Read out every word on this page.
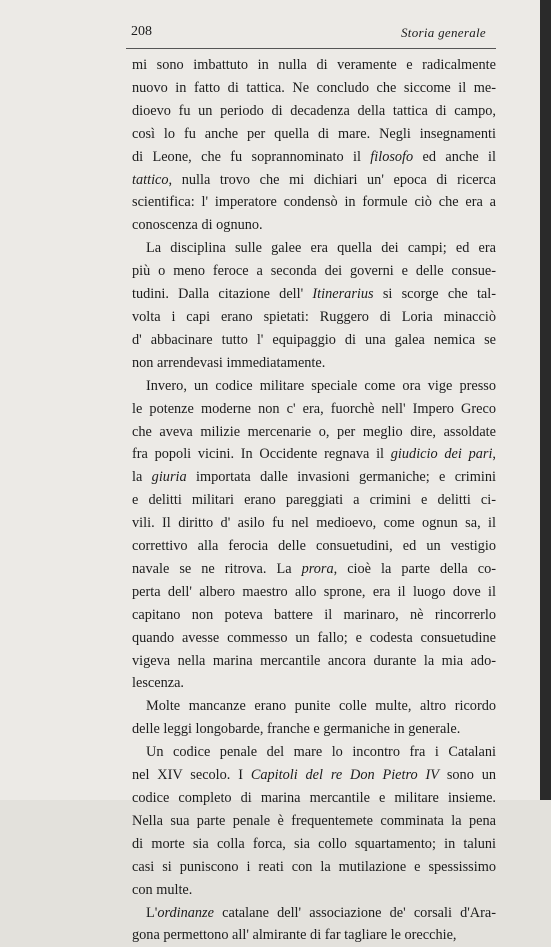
208	Storia generale

mi sono imbattuto in nulla di veramente e radicalmente
nuovo in fatto di tattica. Ne concludo che siccome il me-
dioevo fu un periodo di decadenza della tattica di campo,
così lo fu anche per quella di mare. Negli insegnamenti
di Leone, che fu soprannominato il filosofo ed anche il
tattico, nulla trovo che mi dichiari un' epoca di ricerca
scientifica: l' imperatore condensò in formule ciò che era a
conoscenza di ognuno.

La disciplina sulle galee era quella dei campi; ed era
più o meno feroce a seconda dei governi e delle consue-
tudini. Dalla citazione dell' Itinerarius si scorge che tal-
volta i capi erano spietati: Ruggero di Loria minacciò
d' abbacinare tutto l' equipaggio di una galea nemica se
non arrendevasi immediatamente.

Invero, un codice militare speciale come ora vige presso
le potenze moderne non c' era, fuorchè nell' Impero Greco
che aveva milizie mercenarie o, per meglio dire, assoldate
fra popoli vicini. In Occidente regnava il giudicio dei pari,
la giuria importata dalle invasioni germaniche; e crimini
e delitti militari erano pareggiati a crimini e delitti ci-
vili. Il diritto d' asilo fu nel medioevo, come ognun sa, il
correttivo alla ferocia delle consuetudini, ed un vestigio
navale se ne ritrova. La prora, cioè la parte della co-
perta dell' albero maestro allo sprone, era il luogo dove il
capitano non poteva battere il marinaro, nè rincorrerlo
quando avesse commesso un fallo; e codesta consuetudine
vigeva nella marina mercantile ancora durante la mia ado-
lescenza.

Molte mancanze erano punite colle multe, altro ricordo
delle leggi longobarde, franche e germaniche in generale.

Un codice penale del mare lo incontro fra i Catalani
nel XIV secolo. I Capitoli del re Don Pietro IV sono un
codice completo di marina mercantile e militare insieme.
Nella sua parte penale è frequentemete comminata la pena
di morte sia colla forca, sia collo squartamento; in taluni
casi si puniscono i reati con la mutilazione e spessissimo
con multe.

L'ordinanze catalane dell' associazione de' corsali d'Ara-
gona permettono all' almirante di far tagliare le orecchie,
